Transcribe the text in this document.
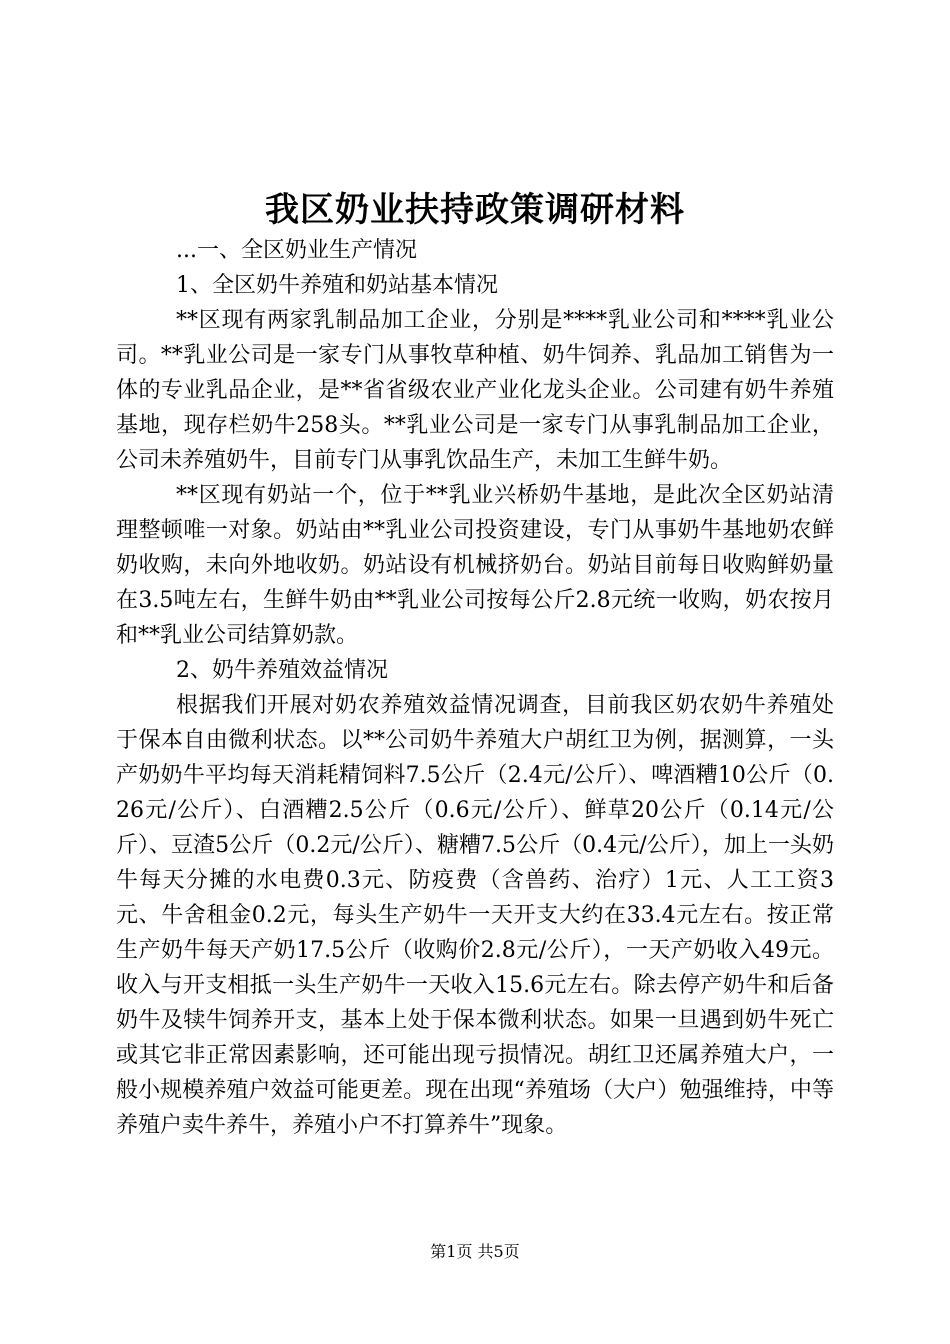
我区奶业扶持政策调研材料

...一、全区奶业生产情况

1、全区奶牛养殖和奶站基本情况

**区现有两家乳制品加工企业，分别是****乳业公司和****乳业公司。**乳业公司是一家专门从事牧草种植、奶牛饲养、乳品加工销售为一体的专业乳品企业，是**省省级农业产业化龙头企业。公司建有奶牛养殖基地，现存栏奶牛258头。**乳业公司是一家专门从事乳制品加工企业，公司未养殖奶牛，目前专门从事乳饮品生产，未加工生鲜牛奶。

**区现有奶站一个，位于**乳业兴桥奶牛基地，是此次全区奶站清理整顿唯一对象。奶站由**乳业公司投资建设，专门从事奶牛基地奶农鲜奶收购，未向外地收奶。奶站设有机械挤奶台。奶站目前每日收购鲜奶量在3.5吨左右，生鲜牛奶由**乳业公司按每公斤2.8元统一收购，奶农按月和**乳业公司结算奶款。

2、奶牛养殖效益情况

根据我们开展对奶农养殖效益情况调查，目前我区奶农奶牛养殖处于保本自由微利状态。以**公司奶牛养殖大户胡红卫为例，据测算，一头产奶奶牛平均每天消耗精饲料7.5公斤（2.4元/公斤）、啤酒糟10公斤（0.26元/公斤）、白酒糟2.5公斤（0.6元/公斤）、鲜草20公斤（0.14元/公斤）、豆渣5公斤（0.2元/公斤）、糖糟7.5公斤（0.4元/公斤），加上一头奶牛每天分摊的水电费0.3元、防疫费（含兽药、治疗）1元、人工工资3元、牛舍租金0.2元，每头生产奶牛一天开支大约在33.4元左右。按正常生产奶牛每天产奶17.5公斤（收购价2.8元/公斤），一天产奶收入49元。收入与开支相抵一头生产奶牛一天收入15.6元左右。除去停产奶牛和后备奶牛及犊牛饲养开支，基本上处于保本微利状态。如果一旦遇到奶牛死亡或其它非正常因素影响，还可能出现亏损情况。胡红卫还属养殖大户，一般小规模养殖户效益可能更差。现在出现“养殖场（大户）勉强维持，中等养殖户卖牛养牛，养殖小户不打算养牛”现象。

第1页 共5页
